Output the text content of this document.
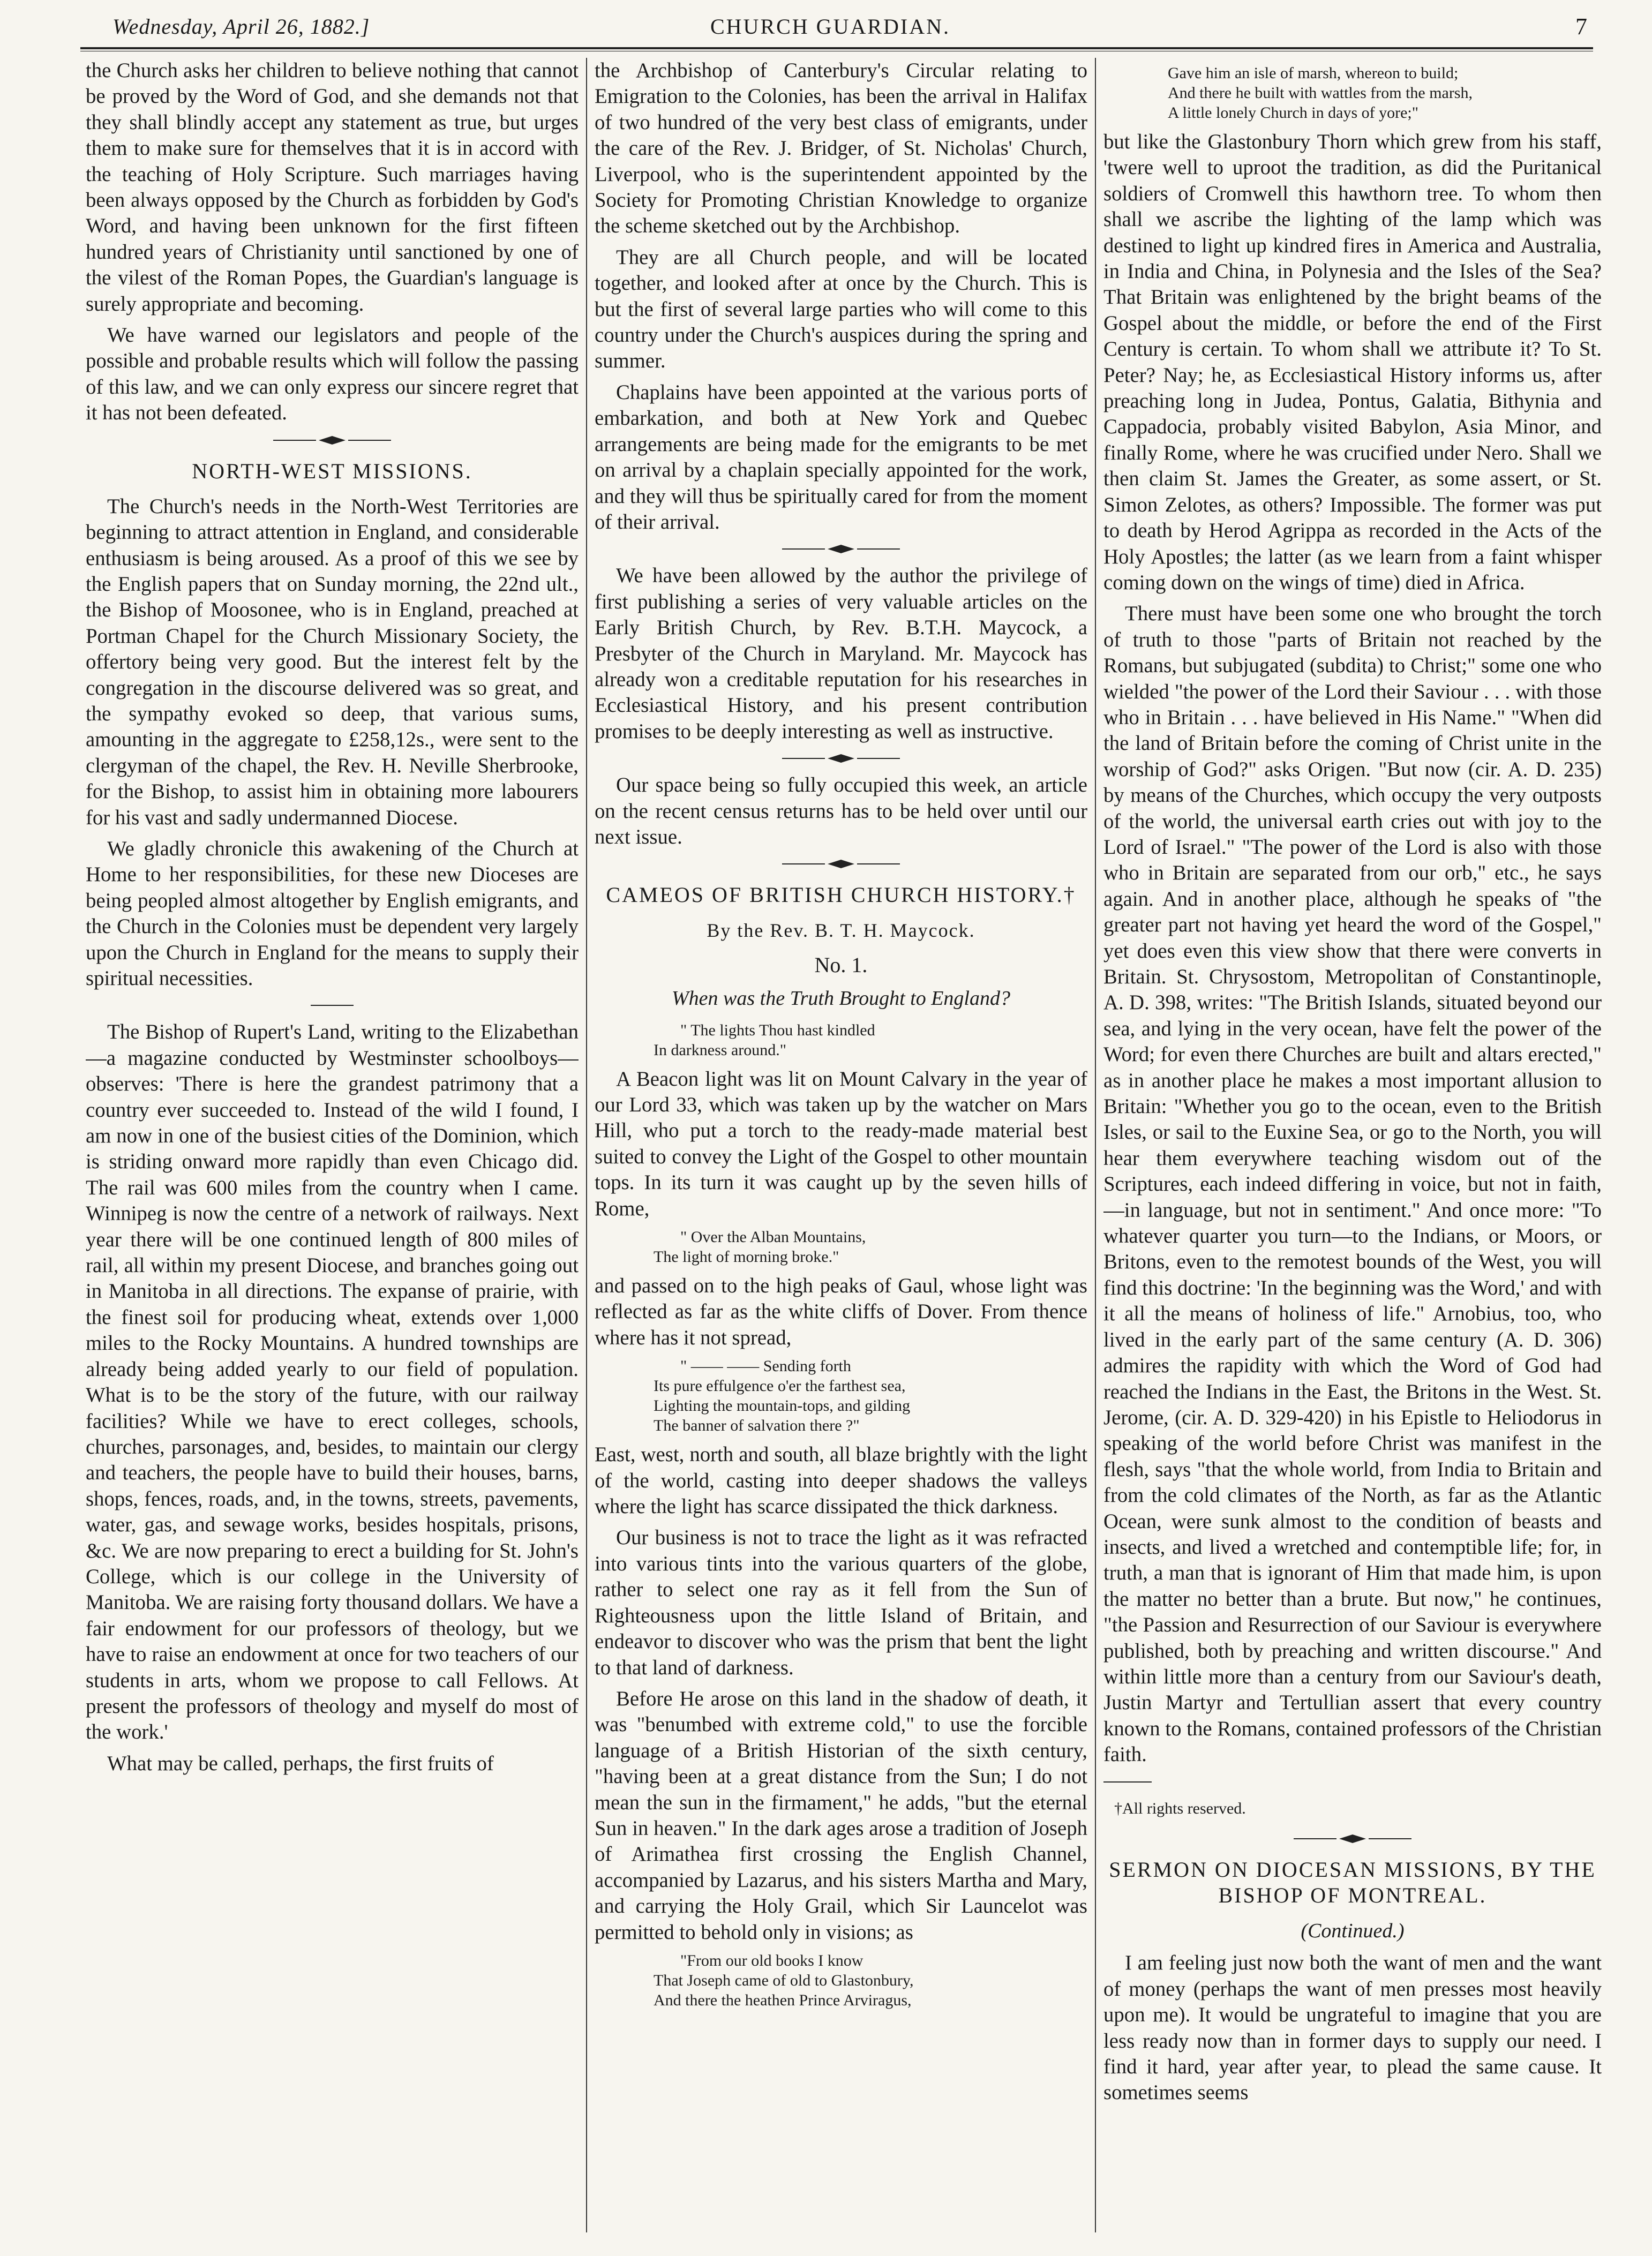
Wednesday, April 26, 1882.]	CHURCH GUARDIAN.	7

the Church asks her children to believe nothing that cannot be proved by the Word of God, and she demands not that they shall blindly accept any statement as true, but urges them to make sure for themselves that it is in accord with the teaching of Holy Scripture. Such marriages having been always opposed by the Church as forbidden by God's Word, and having been unknown for the first fifteen hundred years of Christianity until sanctioned by one of the vilest of the Roman Popes, the Guardian's language is surely appropriate and becoming.

We have warned our legislators and people of the possible and probable results which will follow the passing of this law, and we can only express our sincere regret that it has not been defeated.

NORTH-WEST MISSIONS.

The Church's needs in the North-West Territories are beginning to attract attention in England, and considerable enthusiasm is being aroused. As a proof of this we see by the English papers that on Sunday morning, the 22nd ult., the Bishop of Moosonee, who is in England, preached at Portman Chapel for the Church Missionary Society, the offertory being very good. But the interest felt by the congregation in the discourse delivered was so great, and the sympathy evoked so deep, that various sums, amounting in the aggregate to £258,12s., were sent to the clergyman of the chapel, the Rev. H. Neville Sherbrooke, for the Bishop, to assist him in obtaining more labourers for his vast and sadly undermanned Diocese.

We gladly chronicle this awakening of the Church at Home to her responsibilities, for these new Dioceses are being peopled almost altogether by English emigrants, and the Church in the Colonies must be dependent very largely upon the Church in England for the means to supply their spiritual necessities.

The Bishop of Rupert's Land, writing to the Elizabethan—a magazine conducted by Westminster schoolboys—observes: 'There is here the grandest patrimony that a country ever succeeded to. Instead of the wild I found, I am now in one of the busiest cities of the Dominion, which is striding onward more rapidly than even Chicago did. The rail was 600 miles from the country when I came. Winnipeg is now the centre of a network of railways. Next year there will be one continued length of 800 miles of rail, all within my present Diocese, and branches going out in Manitoba in all directions. The expanse of prairie, with the finest soil for producing wheat, extends over 1,000 miles to the Rocky Mountains. A hundred townships are already being added yearly to our field of population. What is to be the story of the future, with our railway facilities? While we have to erect colleges, schools, churches, parsonages, and, besides, to maintain our clergy and teachers, the people have to build their houses, barns, shops, fences, roads, and, in the towns, streets, pavements, water, gas, and sewage works, besides hospitals, prisons, &c. We are now preparing to erect a building for St. John's College, which is our college in the University of Manitoba. We are raising forty thousand dollars. We have a fair endowment for our professors of theology, but we have to raise an endowment at once for two teachers of our students in arts, whom we propose to call Fellows. At present the professors of theology and myself do most of the work.'

What may be called, perhaps, the first fruits of

the Archbishop of Canterbury's Circular relating to Emigration to the Colonies, has been the arrival in Halifax of two hundred of the very best class of emigrants, under the care of the Rev. J. Bridger, of St. Nicholas' Church, Liverpool, who is the superintendent appointed by the Society for Promoting Christian Knowledge to organize the scheme sketched out by the Archbishop.

They are all Church people, and will be located together, and looked after at once by the Church. This is but the first of several large parties who will come to this country under the Church's auspices during the spring and summer.

Chaplains have been appointed at the various ports of embarkation, and both at New York and Quebec arrangements are being made for the emigrants to be met on arrival by a chaplain specially appointed for the work, and they will thus be spiritually cared for from the moment of their arrival.

We have been allowed by the author the privilege of first publishing a series of very valuable articles on the Early British Church, by Rev. B.T.H. Maycock, a Presbyter of the Church in Maryland. Mr. Maycock has already won a creditable reputation for his researches in Ecclesiastical History, and his present contribution promises to be deeply interesting as well as instructive.

Our space being so fully occupied this week, an article on the recent census returns has to be held over until our next issue.

CAMEOS OF BRITISH CHURCH HISTORY.†
By the Rev. B. T. H. Maycock.
No. 1.
When was the Truth Brought to England?
" The lights Thou hast kindled
In darkness around."

A Beacon light was lit on Mount Calvary in the year of our Lord 33, which was taken up by the watcher on Mars Hill, who put a torch to the ready-made material best suited to convey the Light of the Gospel to other mountain tops. In its turn it was caught up by the seven hills of Rome,

" Over the Alban Mountains,
The light of morning broke."

and passed on to the high peaks of Gaul, whose light was reflected as far as the white cliffs of Dover. From thence where has it not spread,

" —— —— Sending forth
Its pure effulgence o'er the farthest sea,
Lighting the mountain-tops, and gilding
The banner of salvation there ?"

East, west, north and south, all blaze brightly with the light of the world, casting into deeper shadows the valleys where the light has scarce dissipated the thick darkness.

Our business is not to trace the light as it was refracted into various tints into the various quarters of the globe, rather to select one ray as it fell from the Sun of Righteousness upon the little Island of Britain, and endeavor to discover who was the prism that bent the light to that land of darkness.

Before He arose on this land in the shadow of death, it was "benumbed with extreme cold," to use the forcible language of a British Historian of the sixth century, "having been at a great distance from the Sun; I do not mean the sun in the firmament," he adds, "but the eternal Sun in heaven." In the dark ages arose a tradition of Joseph of Arimathea first crossing the English Channel, accompanied by Lazarus, and his sisters Martha and Mary, and carrying the Holy Grail, which Sir Launcelot was permitted to behold only in visions; as

"From our old books I know
That Joseph came of old to Glastonbury,
And there the heathen Prince Arviragus,
Gave him an isle of marsh, whereon to build;
And there he built with wattles from the marsh,
A little lonely Church in days of yore;"

but like the Glastonbury Thorn which grew from his staff, 'twere well to uproot the tradition, as did the Puritanical soldiers of Cromwell this hawthorn tree. To whom then shall we ascribe the lighting of the lamp which was destined to light up kindred fires in America and Australia, in India and China, in Polynesia and the Isles of the Sea? That Britain was enlightened by the bright beams of the Gospel about the middle, or before the end of the First Century is certain. To whom shall we attribute it? To St. Peter? Nay; he, as Ecclesiastical History informs us, after preaching long in Judea, Pontus, Galatia, Bithynia and Cappadocia, probably visited Babylon, Asia Minor, and finally Rome, where he was crucified under Nero. Shall we then claim St. James the Greater, as some assert, or St. Simon Zelotes, as others? Impossible. The former was put to death by Herod Agrippa as recorded in the Acts of the Holy Apostles; the latter (as we learn from a faint whisper coming down on the wings of time) died in Africa.

There must have been some one who brought the torch of truth to those "parts of Britain not reached by the Romans, but subjugated (subdita) to Christ;" some one who wielded "the power of the Lord their Saviour . . . with those who in Britain . . . have believed in His Name." "When did the land of Britain before the coming of Christ unite in the worship of God?" asks Origen. "But now (cir. A. D. 235) by means of the Churches, which occupy the very outposts of the world, the universal earth cries out with joy to the Lord of Israel." "The power of the Lord is also with those who in Britain are separated from our orb," etc., he says again. And in another place, although he speaks of "the greater part not having yet heard the word of the Gospel," yet does even this view show that there were converts in Britain. St. Chrysostom, Metropolitan of Constantinople, A. D. 398, writes: "The British Islands, situated beyond our sea, and lying in the very ocean, have felt the power of the Word; for even there Churches are built and altars erected," as in another place he makes a most important allusion to Britain: "Whether you go to the ocean, even to the British Isles, or sail to the Euxine Sea, or go to the North, you will hear them everywhere teaching wisdom out of the Scriptures, each indeed differing in voice, but not in faith,—in language, but not in sentiment." And once more: "To whatever quarter you turn—to the Indians, or Moors, or Britons, even to the remotest bounds of the West, you will find this doctrine: 'In the beginning was the Word,' and with it all the means of holiness of life." Arnobius, too, who lived in the early part of the same century (A. D. 306) admires the rapidity with which the Word of God had reached the Indians in the East, the Britons in the West. St. Jerome, (cir. A. D. 329-420) in his Epistle to Heliodorus in speaking of the world before Christ was manifest in the flesh, says "that the whole world, from India to Britain and from the cold climates of the North, as far as the Atlantic Ocean, were sunk almost to the condition of beasts and insects, and lived a wretched and contemptible life; for, in truth, a man that is ignorant of Him that made him, is upon the matter no better than a brute. But now," he continues, "the Passion and Resurrection of our Saviour is everywhere published, both by preaching and written discourse." And within little more than a century from our Saviour's death, Justin Martyr and Tertullian assert that every country known to the Romans, contained professors of the Christian faith.

†All rights reserved.
SERMON ON DIOCESAN MISSIONS, BY THE BISHOP OF MONTREAL.
(Continued.)

I am feeling just now both the want of men and the want of money (perhaps the want of men presses most heavily upon me). It would be ungrateful to imagine that you are less ready now than in former days to supply our need. I find it hard, year after year, to plead the same cause. It sometimes seems
